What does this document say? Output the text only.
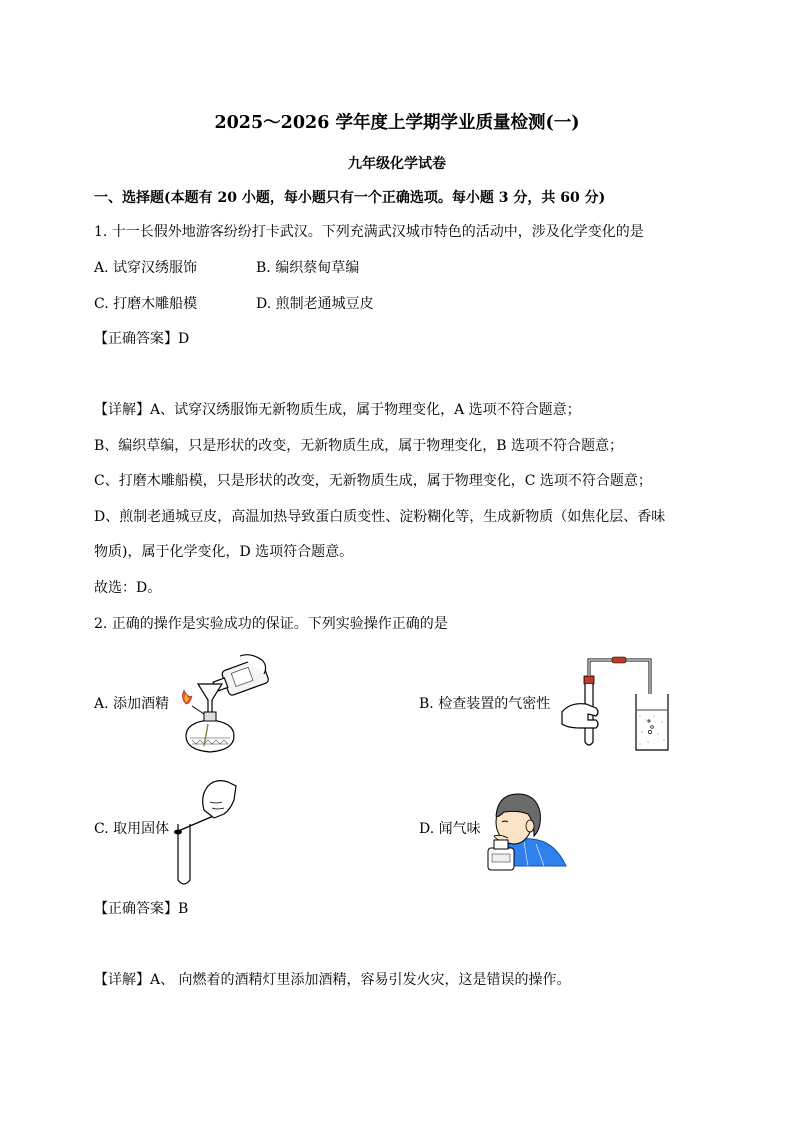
2025～2026 学年度上学期学业质量检测(一)
九年级化学试卷
一、选择题(本题有 20 小题，每小题只有一个正确选项。每小题 3 分，共 60 分)
1. 十一长假外地游客纷纷打卡武汉。下列充满武汉城市特色的活动中，涉及化学变化的是
A. 试穿汉绣服饰	B. 编织蔡甸草编
C. 打磨木雕船模	D. 煎制老通城豆皮
【正确答案】D
【详解】A、试穿汉绣服饰无新物质生成，属于物理变化，A 选项不符合题意；
B、编织草编，只是形状的改变，无新物质生成，属于物理变化，B 选项不符合题意；
C、打磨木雕船模，只是形状的改变，无新物质生成，属于物理变化，C 选项不符合题意；
D、煎制老通城豆皮，高温加热导致蛋白质变性、淀粉糊化等，生成新物质（如焦化层、香味
物质)，属于化学变化，D 选项符合题意。
故选：D。
2. 正确的操作是实验成功的保证。下列实验操作正确的是
A. 添加酒精	B. 检查装置的气密性
C. 取用固体	D. 闻气味
【正确答案】B
【详解】A、 向燃着的酒精灯里添加酒精，容易引发火灾，这是错误的操作。
